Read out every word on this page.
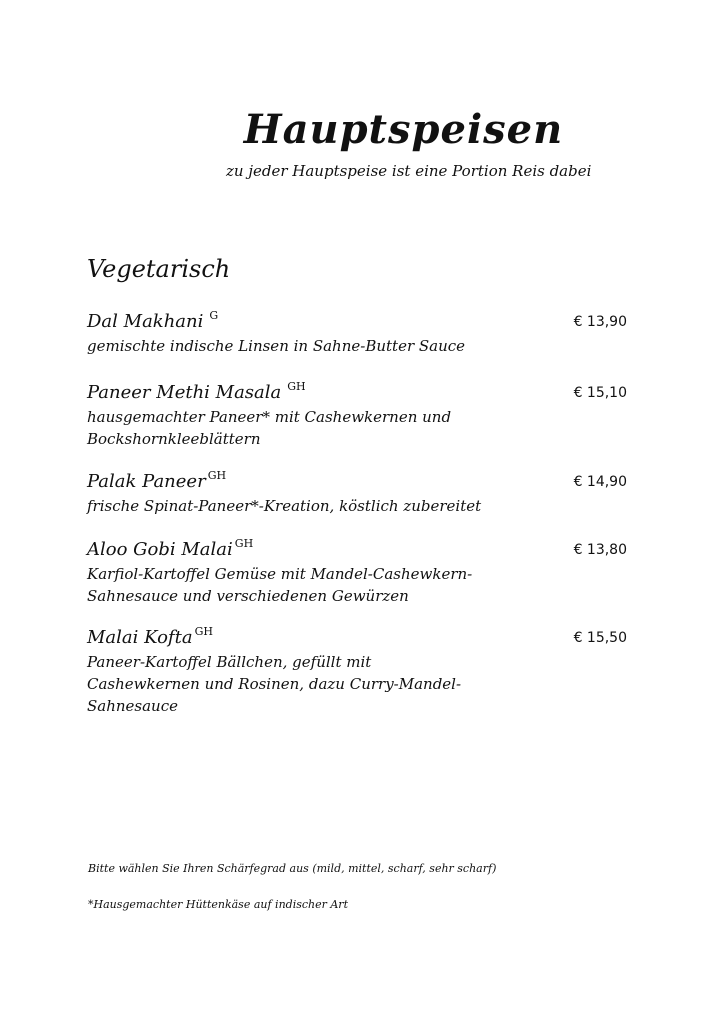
Hauptspeisen
zu jeder Hauptspeise ist eine Portion Reis dabei
Vegetarisch
Dal Makhani $^G$	€ 13,90
gemischte indische Linsen in Sahne-Butter Sauce
Paneer Methi Masala $^{GH}$	€ 15,10
hausgemachter Paneer* mit Cashewkernen und Bockshornkleeblättern
Palak Paneer $^{GH}$	€ 14,90
frische Spinat-Paneer*-Kreation, köstlich zubereitet
Aloo Gobi Malai $^{GH}$	€ 13,80
Karfiol-Kartoffel Gemüse mit Mandel-Cashewkern-Sahnesauce und verschiedenen Gewürzen
Malai Kofta $^{GH}$	€ 15,50
Paneer-Kartoffel Bällchen, gefüllt mit Cashewkernen und Rosinen, dazu Curry-Mandel-Sahnesauce
Bitte wählen Sie Ihren Schärfegrad aus (mild, mittel, scharf, sehr scharf)
*Hausgemachter Hüttenkäse auf indischer Art
